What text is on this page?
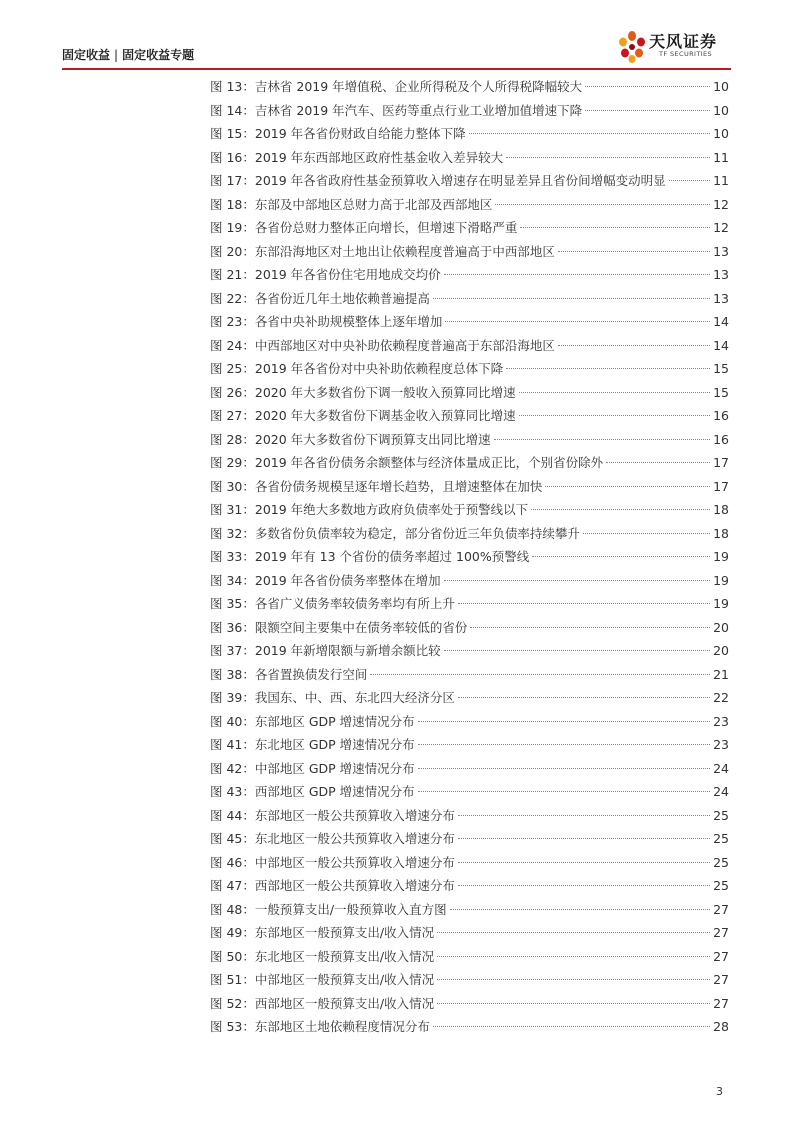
固定收益 | 固定收益专题
天风证券
TF SECURITIES
图 13： 吉林省 2019 年增值税、企业所得税及个人所得税降幅较大	10
图 14： 吉林省 2019 年汽车、医药等重点行业工业增加值增速下降	10
图 15： 2019 年各省份财政自给能力整体下降	10
图 16： 2019 年东西部地区政府性基金收入差异较大	11
图 17： 2019 年各省政府性基金预算收入增速存在明显差异且省份间增幅变动明显	11
图 18： 东部及中部地区总财力高于北部及西部地区	12
图 19： 各省份总财力整体正向增长，但增速下滑略严重	12
图 20： 东部沿海地区对土地出让依赖程度普遍高于中西部地区	13
图 21： 2019 年各省份住宅用地成交均价	13
图 22： 各省份近几年土地依赖普遍提高	13
图 23： 各省中央补助规模整体上逐年增加	14
图 24： 中西部地区对中央补助依赖程度普遍高于东部沿海地区	14
图 25： 2019 年各省份对中央补助依赖程度总体下降	15
图 26： 2020 年大多数省份下调一般收入预算同比增速	15
图 27： 2020 年大多数省份下调基金收入预算同比增速	16
图 28： 2020 年大多数省份下调预算支出同比增速	16
图 29： 2019 年各省份债务余额整体与经济体量成正比，个别省份除外	17
图 30： 各省份债务规模呈逐年增长趋势，且增速整体在加快	17
图 31： 2019 年绝大多数地方政府负债率处于预警线以下	18
图 32： 多数省份负债率较为稳定，部分省份近三年负债率持续攀升	18
图 33： 2019 年有 13 个省份的债务率超过 100%预警线	19
图 34： 2019 年各省份债务率整体在增加	19
图 35： 各省广义债务率较债务率均有所上升	19
图 36： 限额空间主要集中在债务率较低的省份	20
图 37： 2019 年新增限额与新增余额比较	20
图 38： 各省置换债发行空间	21
图 39： 我国东、中、西、东北四大经济分区	22
图 40： 东部地区 GDP 增速情况分布	23
图 41： 东北地区 GDP 增速情况分布	23
图 42： 中部地区 GDP 增速情况分布	24
图 43： 西部地区 GDP 增速情况分布	24
图 44： 东部地区一般公共预算收入增速分布	25
图 45： 东北地区一般公共预算收入增速分布	25
图 46： 中部地区一般公共预算收入增速分布	25
图 47： 西部地区一般公共预算收入增速分布	25
图 48： 一般预算支出/一般预算收入直方图	27
图 49： 东部地区一般预算支出/收入情况	27
图 50： 东北地区一般预算支出/收入情况	27
图 51： 中部地区一般预算支出/收入情况	27
图 52： 西部地区一般预算支出/收入情况	27
图 53： 东部地区土地依赖程度情况分布	28
3
